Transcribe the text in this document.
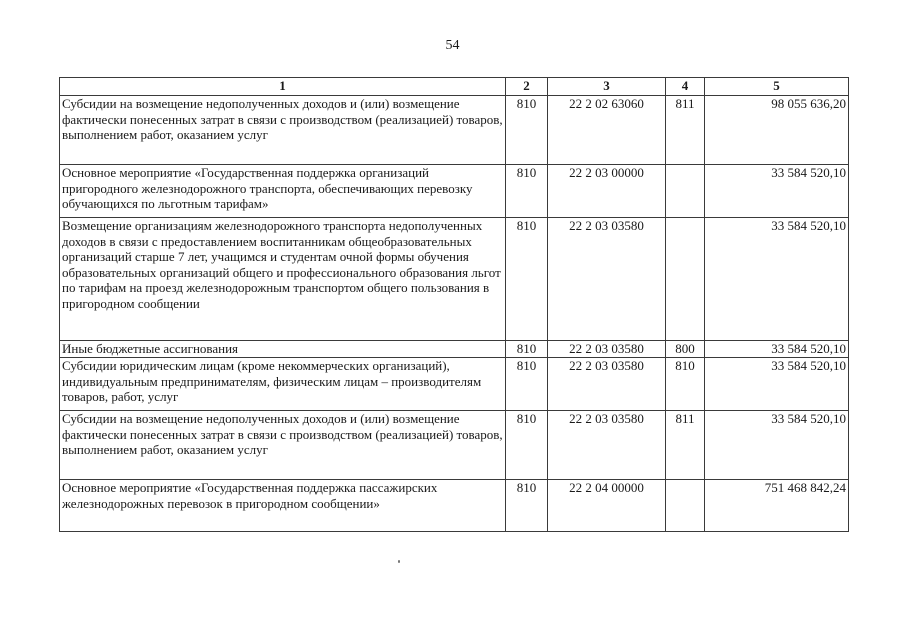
54
1	2	3	4	5
Субсидии на возмещение недополученных доходов и (или) возмещение фактически понесенных затрат в связи с производством (реализацией) товаров, выполнением работ, оказанием услуг	810	22 2 02 63060	811	98 055 636,20
Основное мероприятие «Государственная поддержка организаций пригородного железнодорожного транспорта, обеспечивающих перевозку обучающихся по льготным тарифам»	810	22 2 03 00000		33 584 520,10
Возмещение организациям железнодорожного транспорта недополученных доходов в связи с предоставлением воспитанникам общеобразовательных организаций старше 7 лет, учащимся и студентам очной формы обучения образовательных организаций общего и профессионального образования льгот по тарифам на проезд железнодорожным транспортом общего пользования в пригородном сообщении	810	22 2 03 03580		33 584 520,10
Иные бюджетные ассигнования	810	22 2 03 03580	800	33 584 520,10
Субсидии юридическим лицам (кроме некоммерческих организаций), индивидуальным предпринимателям, физическим лицам – производителям товаров, работ, услуг	810	22 2 03 03580	810	33 584 520,10
Субсидии на возмещение недополученных доходов и (или) возмещение фактически понесенных затрат в связи с производством (реализацией) товаров, выполнением работ, оказанием услуг	810	22 2 03 03580	811	33 584 520,10
Основное мероприятие «Государственная поддержка пассажирских железнодорожных перевозок в пригородном сообщении»	810	22 2 04 00000		751 468 842,24
